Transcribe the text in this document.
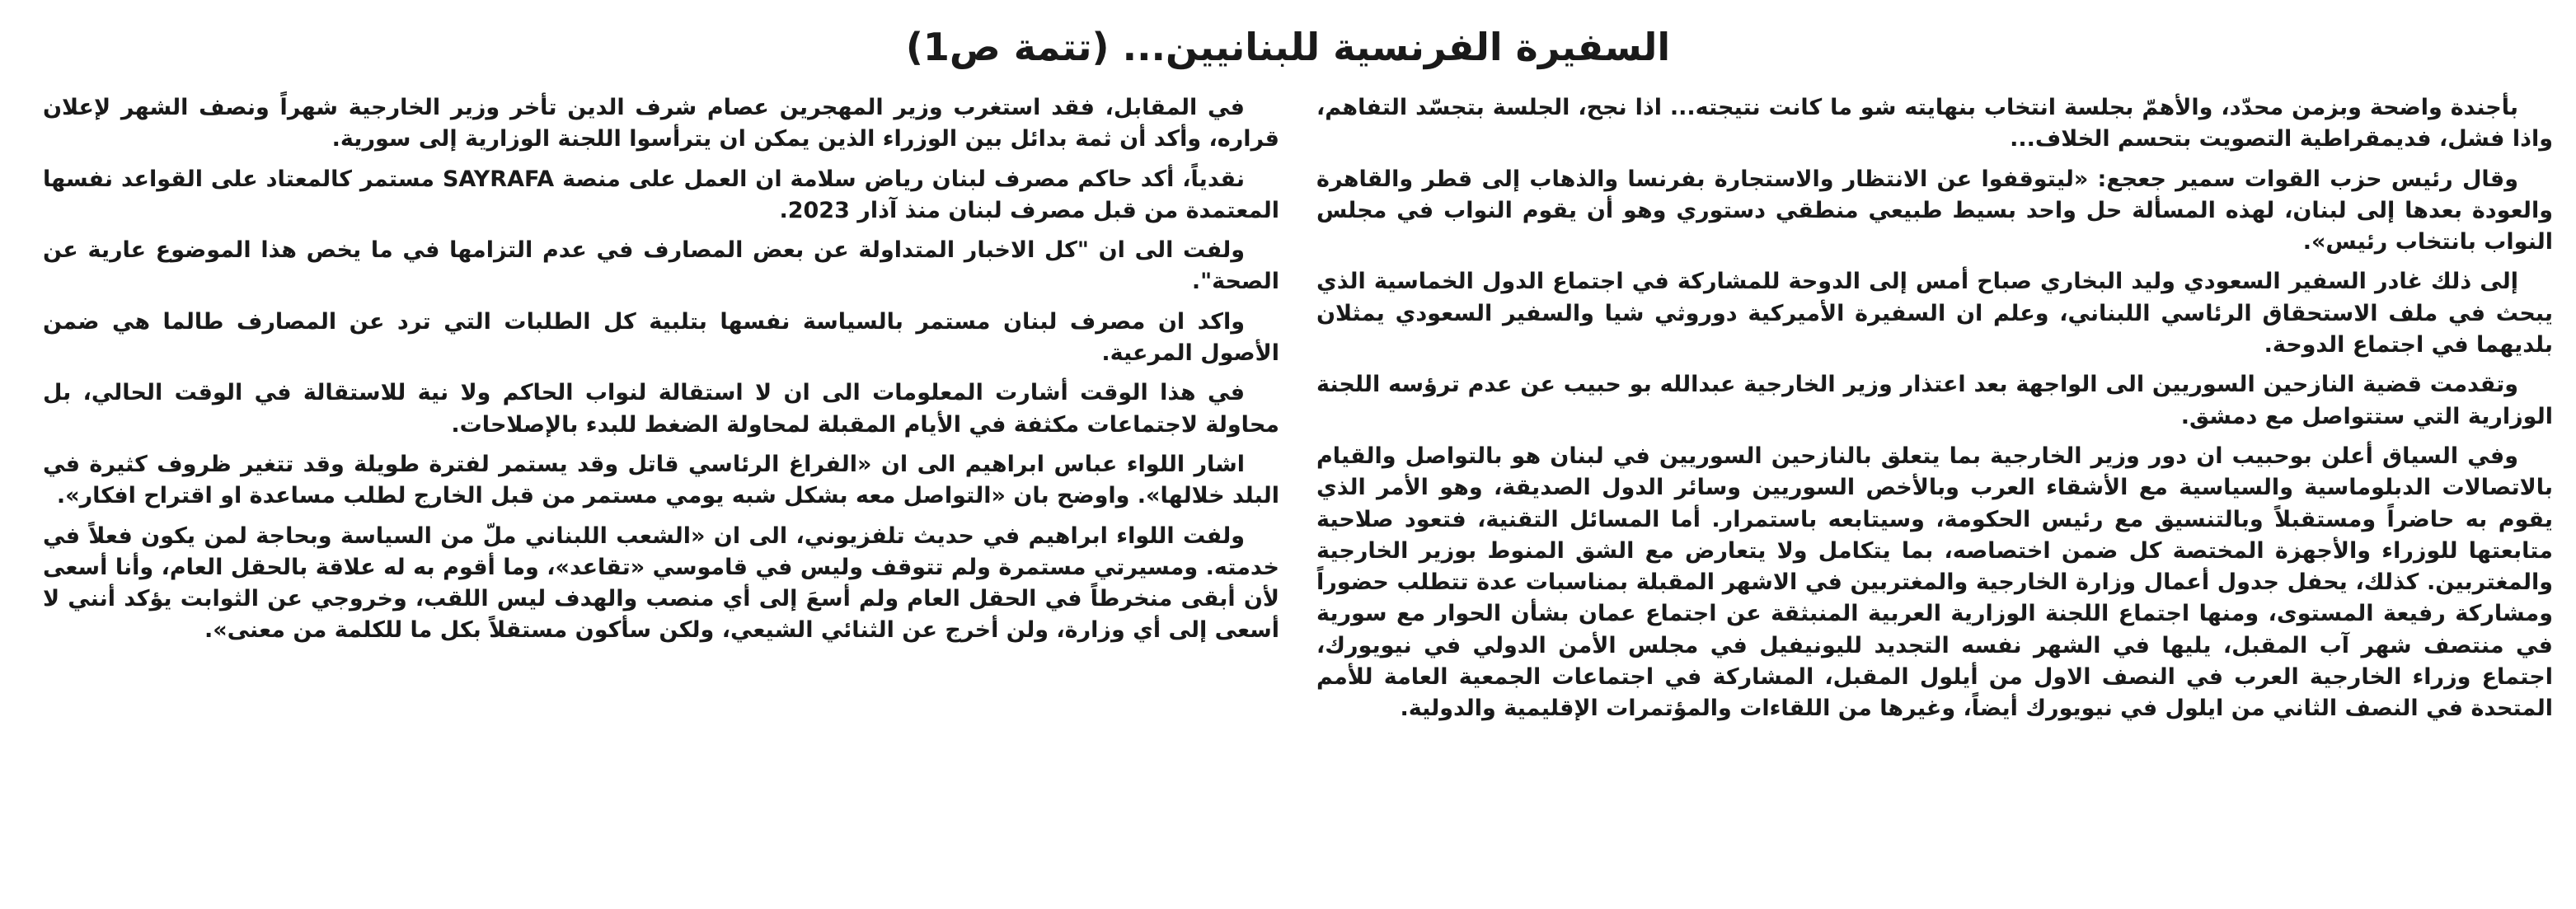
السفيرة الفرنسية للبنانيين... (تتمة ص1)

بأجندة واضحة وبزمن محدّد، والأهمّ بجلسة انتخاب بنهايته شو ما كانت نتيجته... اذا نجح، الجلسة بتجسّد التفاهم، واذا فشل، فديمقراطية التصويت بتحسم الخلاف...

وقال رئيس حزب القوات سمير جعجع: «ليتوقفوا عن الانتظار والاستجارة بفرنسا والذهاب إلى قطر والقاهرة والعودة بعدها إلى لبنان، لهذه المسألة حل واحد بسيط طبيعي منطقي دستوري وهو أن يقوم النواب في مجلس النواب بانتخاب رئيس».

إلى ذلك غادر السفير السعودي وليد البخاري صباح أمس إلى الدوحة للمشاركة في اجتماع الدول الخماسية الذي يبحث في ملف الاستحقاق الرئاسي اللبناني، وعلم ان السفيرة الأميركية دوروثي شيا والسفير السعودي يمثلان بلديهما في اجتماع الدوحة.

وتقدمت قضية النازحين السوريين الى الواجهة بعد اعتذار وزير الخارجية عبدالله بو حبيب عن عدم ترؤسه اللجنة الوزارية التي ستتواصل مع دمشق.

وفي السياق أعلن بوحبيب ان دور وزير الخارجية بما يتعلق بالنازحين السوريين في لبنان هو بالتواصل والقيام بالاتصالات الدبلوماسية والسياسية مع الأشقاء العرب وبالأخص السوريين وسائر الدول الصديقة، وهو الأمر الذي يقوم به حاضراً ومستقبلاً وبالتنسيق مع رئيس الحكومة، وسيتابعه باستمرار. أما المسائل التقنية، فتعود صلاحية متابعتها للوزراء والأجهزة المختصة كل ضمن اختصاصه، بما يتكامل ولا يتعارض مع الشق المنوط بوزير الخارجية والمغتربين. كذلك، يحفل جدول أعمال وزارة الخارجية والمغتربين في الاشهر المقبلة بمناسبات عدة تتطلب حضوراً ومشاركة رفيعة المستوى، ومنها اجتماع اللجنة الوزارية العربية المنبثقة عن اجتماع عمان بشأن الحوار مع سورية في منتصف شهر آب المقبل، يليها في الشهر نفسه التجديد لليونيفيل في مجلس الأمن الدولي في نيويورك، اجتماع وزراء الخارجية العرب في النصف الاول من أيلول المقبل، المشاركة في اجتماعات الجمعية العامة للأمم المتحدة في النصف الثاني من ايلول في نيويورك أيضاً، وغيرها من اللقاءات والمؤتمرات الإقليمية والدولية.

في المقابل، فقد استغرب وزير المهجرين عصام شرف الدين تأخر وزير الخارجية شهراً ونصف الشهر لإعلان قراره، وأكد أن ثمة بدائل بين الوزراء الذين يمكن ان يترأسوا اللجنة الوزارية إلى سورية.

نقدياً، أكد حاكم مصرف لبنان رياض سلامة ان العمل على منصة SAYRAFA مستمر كالمعتاد على القواعد نفسها المعتمدة من قبل مصرف لبنان منذ آذار 2023.

ولفت الى ان "كل الاخبار المتداولة عن بعض المصارف في عدم التزامها في ما يخص هذا الموضوع عارية عن الصحة".

واكد ان مصرف لبنان مستمر بالسياسة نفسها بتلبية كل الطلبات التي ترد عن المصارف طالما هي ضمن الأصول المرعية.

في هذا الوقت أشارت المعلومات الى ان لا استقالة لنواب الحاكم ولا نية للاستقالة في الوقت الحالي، بل محاولة لاجتماعات مكثفة في الأيام المقبلة لمحاولة الضغط للبدء بالإصلاحات.

اشار اللواء عباس ابراهيم الى ان «الفراغ الرئاسي قاتل وقد يستمر لفترة طويلة وقد تتغير ظروف كثيرة في البلد خلالها». واوضح بان «التواصل معه بشكل شبه يومي مستمر من قبل الخارج لطلب مساعدة او اقتراح افكار».

ولفت اللواء ابراهيم في حديث تلفزيوني، الى ان «الشعب اللبناني ملّ من السياسة وبحاجة لمن يكون فعلاً في خدمته. ومسيرتي مستمرة ولم تتوقف وليس في قاموسي «تقاعد»، وما أقوم به له علاقة بالحقل العام، وأنا أسعى لأن أبقى منخرطاً في الحقل العام ولم أسعَ إلى أي منصب والهدف ليس اللقب، وخروجي عن الثوابت يؤكد أنني لا أسعى إلى أي وزارة، ولن أخرج عن الثنائي الشيعي، ولكن سأكون مستقلاً بكل ما للكلمة من معنى».
